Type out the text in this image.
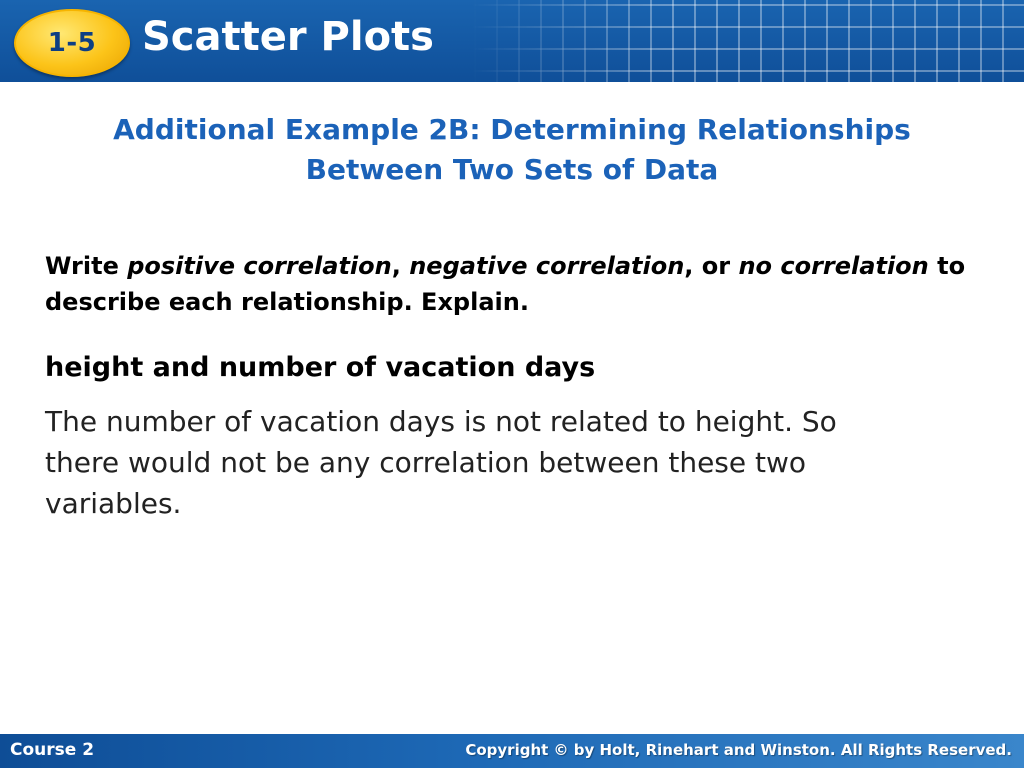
1-5 Scatter Plots
Additional Example 2B: Determining Relationships
Between Two Sets of Data
Write positive correlation, negative correlation, or no correlation to describe each relationship. Explain.
height and number of vacation days
The number of vacation days is not related to height. So there would not be any correlation between these two variables.
Course 2	Copyright © by Holt, Rinehart and Winston. All Rights Reserved.
